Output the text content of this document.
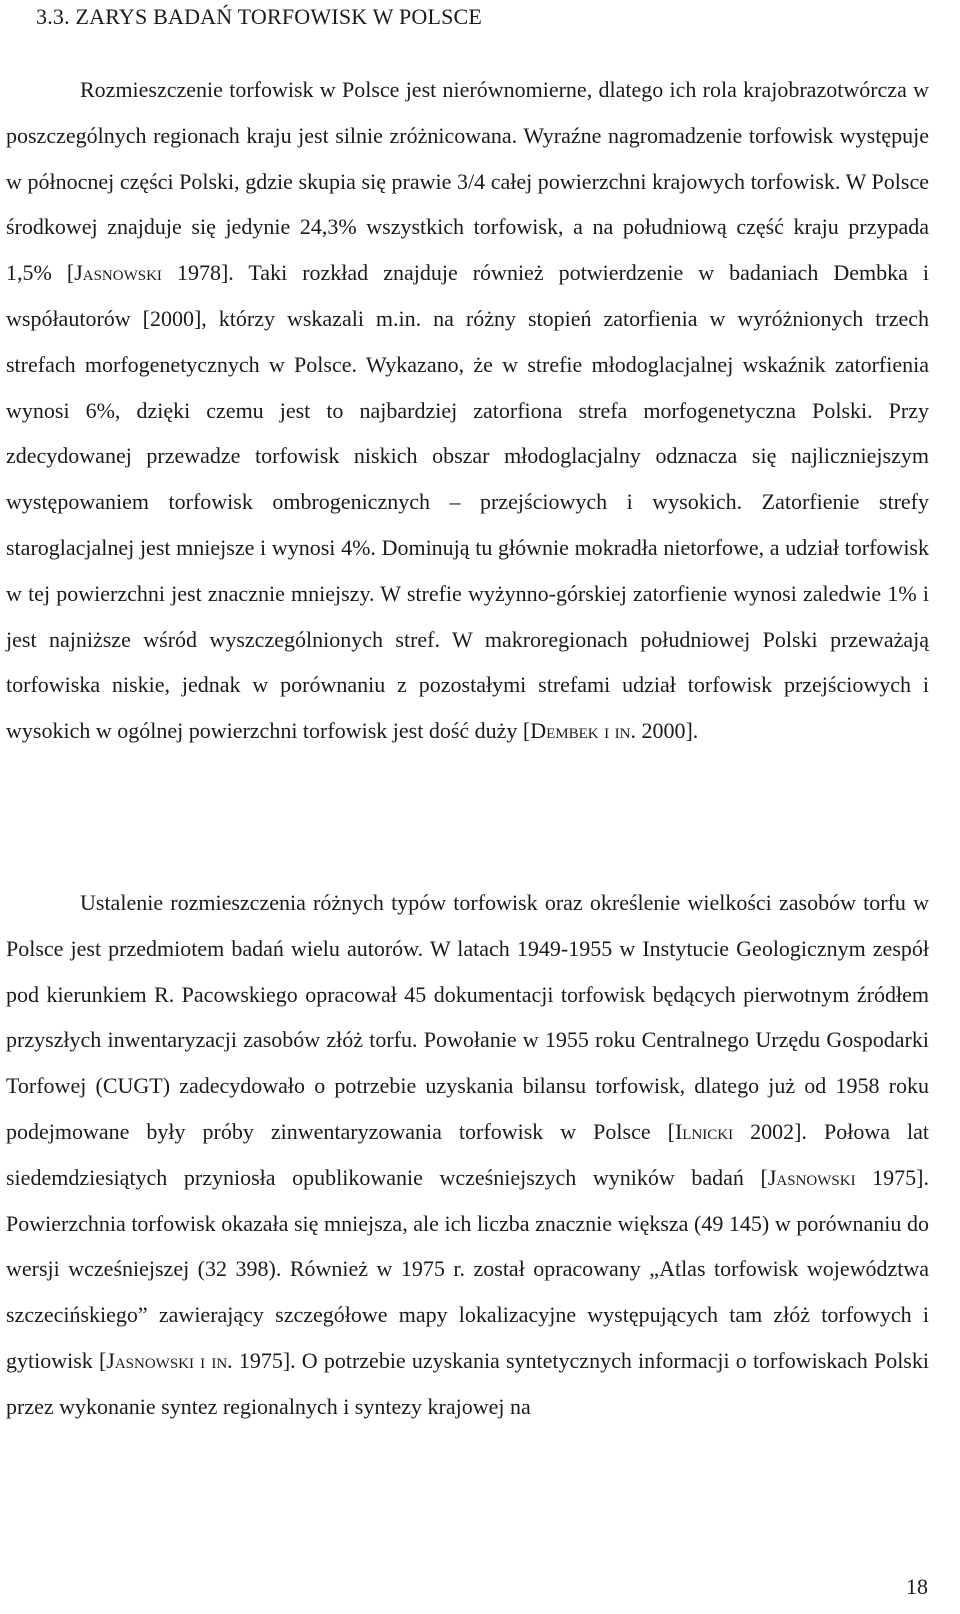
3.3. ZARYS BADAŃ TORFOWISK W POLSCE

Rozmieszczenie torfowisk w Polsce jest nierównomierne, dlatego ich rola krajobrazotwórcza w poszczególnych regionach kraju jest silnie zróżnicowana. Wyraźne nagromadzenie torfowisk występuje w północnej części Polski, gdzie skupia się prawie 3/4 całej powierzchni krajowych torfowisk. W Polsce środkowej znajduje się jedynie 24,3% wszystkich torfowisk, a na południową część kraju przypada 1,5% [Jasnowski 1978]. Taki rozkład znajduje również potwierdzenie w badaniach Dembka i współautorów [2000], którzy wskazali m.in. na różny stopień zatorfienia w wyróżnionych trzech strefach morfogenetycznych w Polsce. Wykazano, że w strefie młodoglacjalnej wskaźnik zatorfienia wynosi 6%, dzięki czemu jest to najbardziej zatorfiona strefa morfogenetyczna Polski. Przy zdecydowanej przewadze torfowisk niskich obszar młodoglacjalny odznacza się najliczniejszym występowaniem torfowisk ombrogenicznych – przejściowych i wysokich. Zatorfienie strefy staroglacjalnej jest mniejsze i wynosi 4%. Dominują tu głównie mokradła nietorfowe, a udział torfowisk w tej powierzchni jest znacznie mniejszy. W strefie wyżynno-górskiej zatorfienie wynosi zaledwie 1% i jest najniższe wśród wyszczególnionych stref. W makroregionach południowej Polski przeważają torfowiska niskie, jednak w porównaniu z pozostałymi strefami udział torfowisk przejściowych i wysokich w ogólnej powierzchni torfowisk jest dość duży [Dembek i in. 2000].

Ustalenie rozmieszczenia różnych typów torfowisk oraz określenie wielkości zasobów torfu w Polsce jest przedmiotem badań wielu autorów. W latach 1949-1955 w Instytucie Geologicznym zespół pod kierunkiem R. Pacowskiego opracował 45 dokumentacji torfowisk będących pierwotnym źródłem przyszłych inwentaryzacji zasobów złóż torfu. Powołanie w 1955 roku Centralnego Urzędu Gospodarki Torfowej (CUGT) zadecydowało o potrzebie uzyskania bilansu torfowisk, dlatego już od 1958 roku podejmowane były próby zinwentaryzowania torfowisk w Polsce [Ilnicki 2002]. Połowa lat siedemdziesiątych przyniosła opublikowanie wcześniejszych wyników badań [Jasnowski 1975]. Powierzchnia torfowisk okazała się mniejsza, ale ich liczba znacznie większa (49 145) w porównaniu do wersji wcześniejszej (32 398). Również w 1975 r. został opracowany „Atlas torfowisk województwa szczecińskiego” zawierający szczegółowe mapy lokalizacyjne występujących tam złóż torfowych i gytiowisk [Jasnowski i in. 1975]. O potrzebie uzyskania syntetycznych informacji o torfowiskach Polski przez wykonanie syntez regionalnych i syntezy krajowej na

18
